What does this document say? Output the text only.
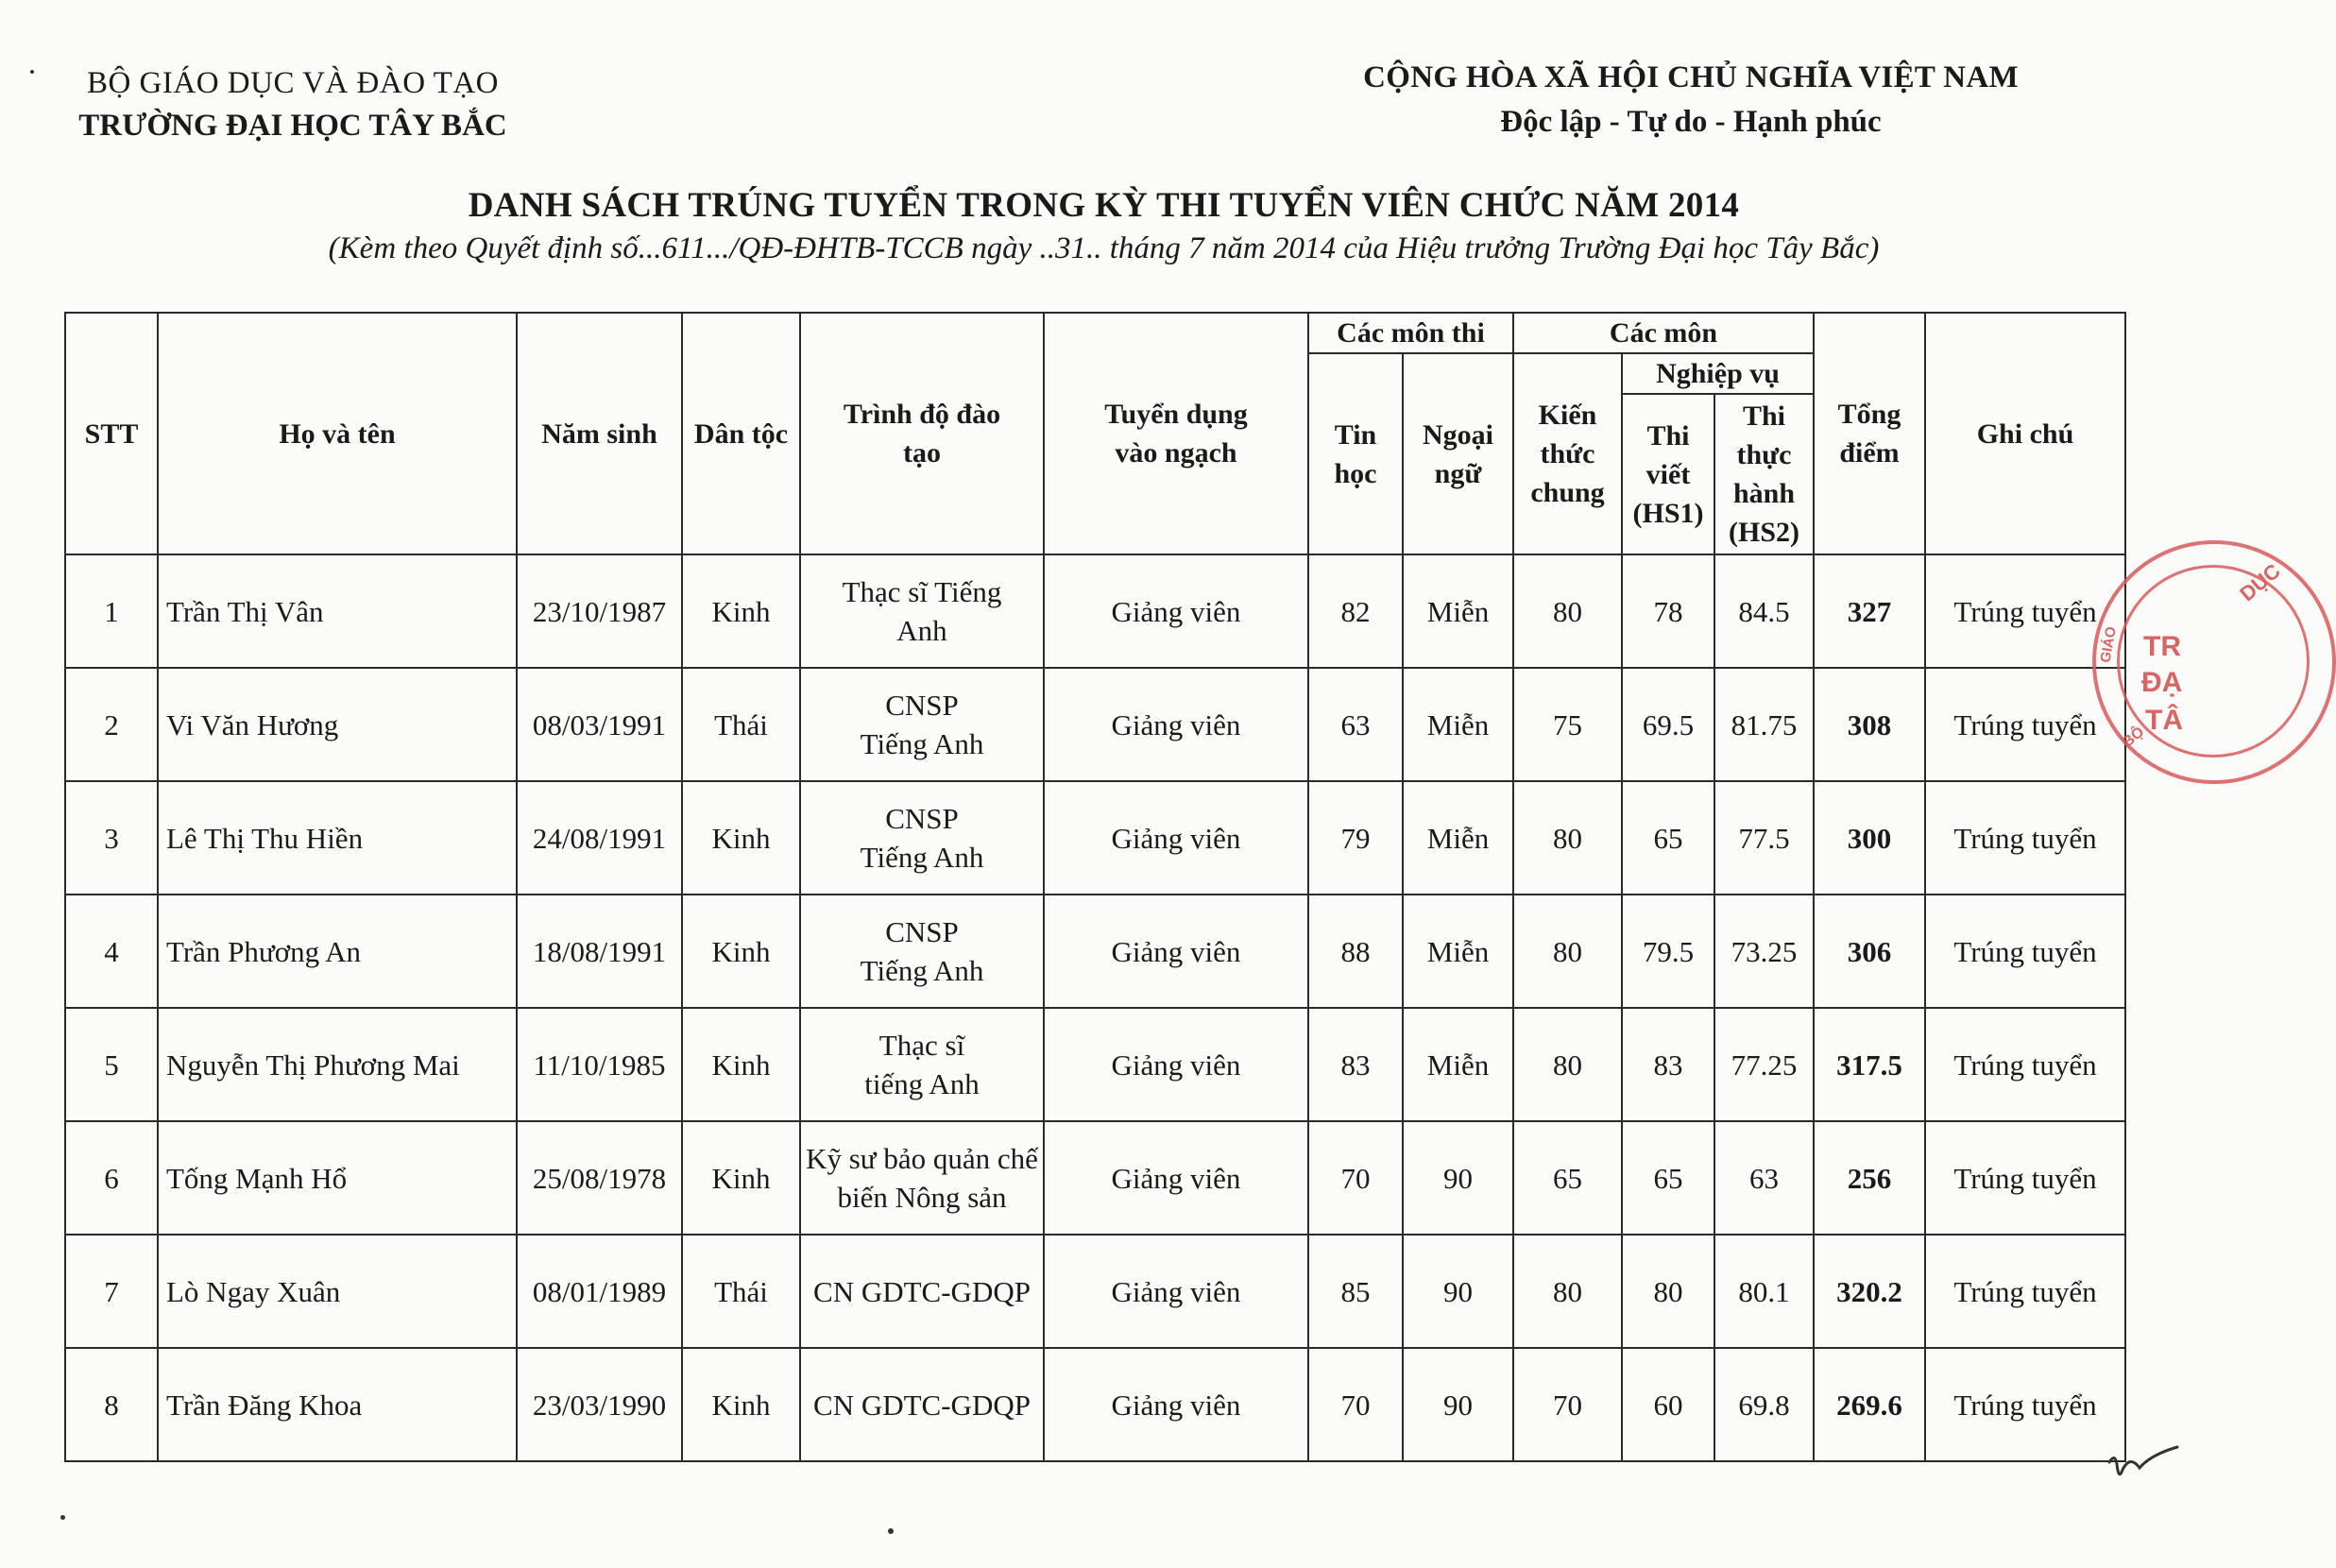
BỘ GIÁO DỤC VÀ ĐÀO TẠO
TRƯỜNG ĐẠI HỌC TÂY BẮC
CỘNG HÒA XÃ HỘI CHỦ NGHĨA VIỆT NAM
Độc lập - Tự do - Hạnh phúc
DANH SÁCH TRÚNG TUYỂN TRONG KỲ THI TUYỂN VIÊN CHỨC NĂM 2014
(Kèm theo Quyết định số...611.../QĐ-ĐHTB-TCCB ngày ..31.. tháng 7 năm 2014 của Hiệu trưởng Trường Đại học Tây Bắc)
STT	Họ và tên	Năm sinh	Dân tộc	Trình độ đào tạo	Tuyển dụng vào ngạch	Các môn thi		Các môn			Tổng điểm	Ghi chú
						Tin học	Ngoại ngữ	Kiến thức chung	Nghiệp vụ			
									Thi viết (HS1)	Thi thực hành (HS2)		
1	Trần Thị Vân	23/10/1987	Kinh	Thạc sĩ Tiếng Anh	Giảng viên	82	Miễn	80	78	84.5	327	Trúng tuyển
2	Vi Văn Hương	08/03/1991	Thái	CNSP Tiếng Anh	Giảng viên	63	Miễn	75	69.5	81.75	308	Trúng tuyển
3	Lê Thị Thu Hiền	24/08/1991	Kinh	CNSP Tiếng Anh	Giảng viên	79	Miễn	80	65	77.5	300	Trúng tuyển
4	Trần Phương An	18/08/1991	Kinh	CNSP Tiếng Anh	Giảng viên	88	Miễn	80	79.5	73.25	306	Trúng tuyển
5	Nguyễn Thị Phương Mai	11/10/1985	Kinh	Thạc sĩ tiếng Anh	Giảng viên	83	Miễn	80	83	77.25	317.5	Trúng tuyển
6	Tống Mạnh Hổ	25/08/1978	Kinh	Kỹ sư bảo quản chế biến Nông sản	Giảng viên	70	90	65	65	63	256	Trúng tuyển
7	Lò Ngay Xuân	08/01/1989	Thái	CN GDTC-GDQP	Giảng viên	85	90	80	80	80.1	320.2	Trúng tuyển
8	Trần Đăng Khoa	23/03/1990	Kinh	CN GDTC-GDQP	Giảng viên	70	90	70	60	69.8	269.6	Trúng tuyển
DỤC
TR
ĐẠ
TÂ
GIÁO
BỘ
